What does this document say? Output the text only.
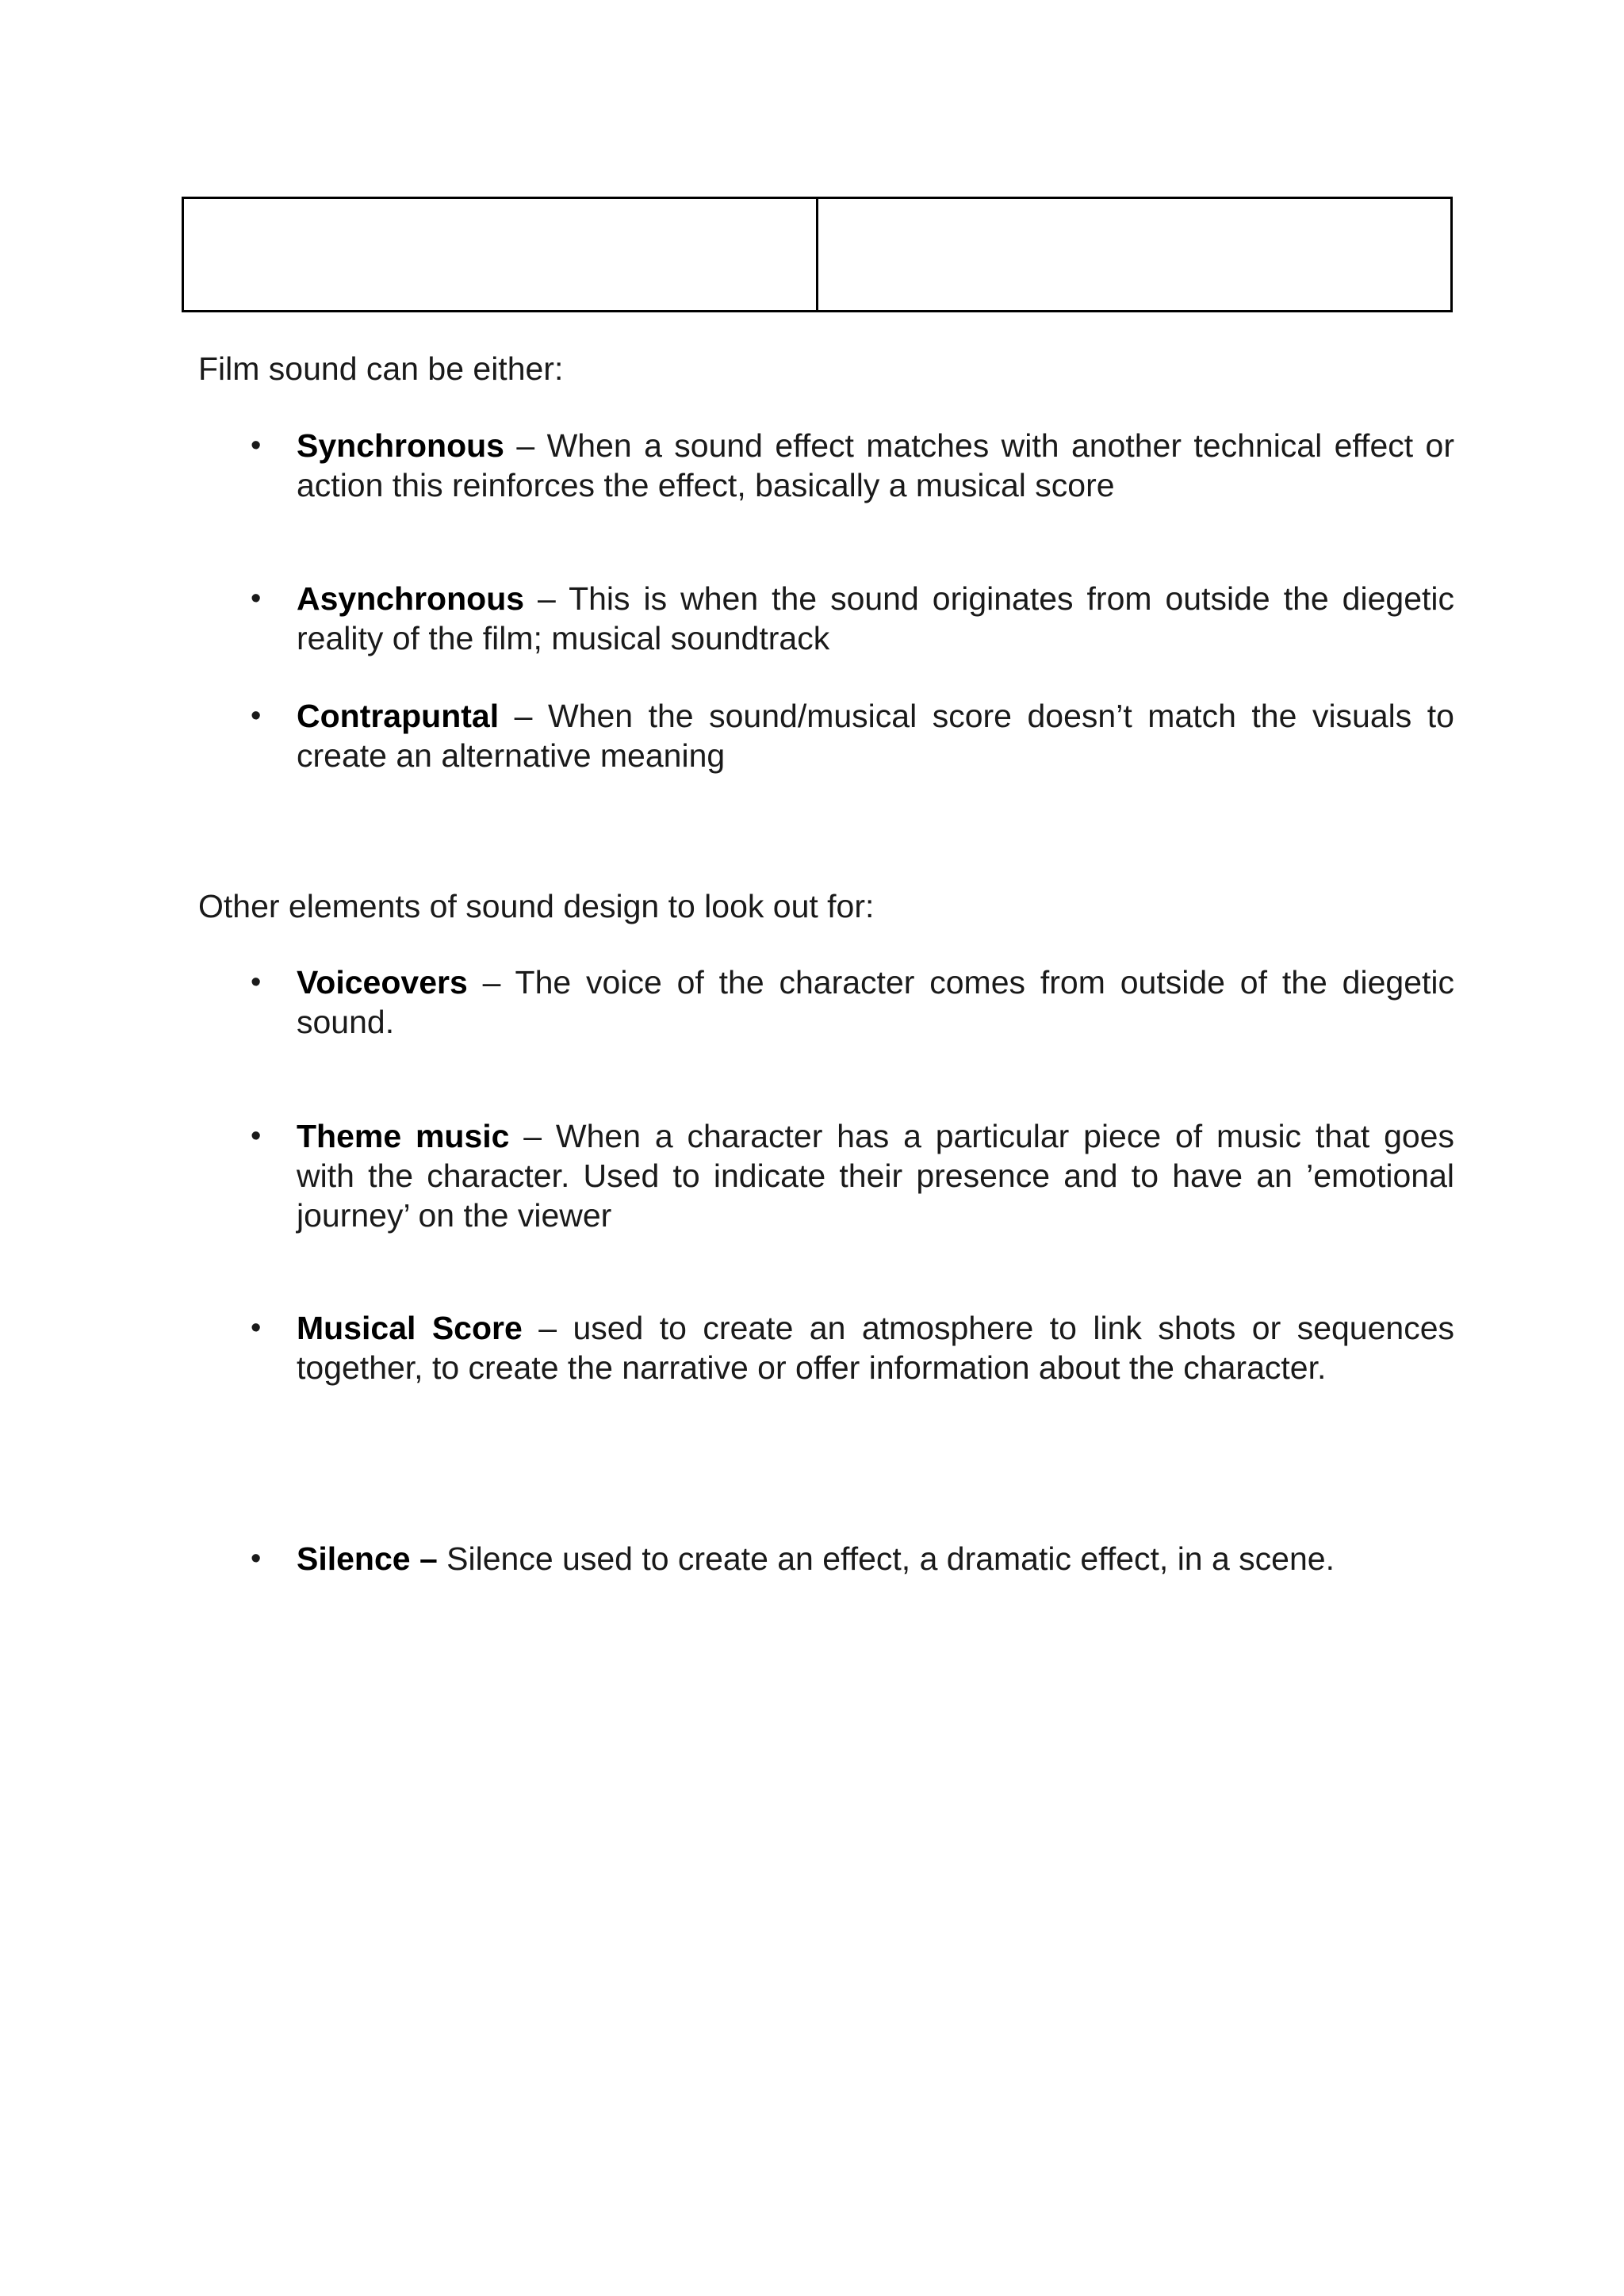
Film sound can be either:

• Synchronous – When a sound effect matches with another technical effect or action this reinforces the effect, basically a musical score
• Asynchronous – This is when the sound originates from outside the diegetic reality of the film; musical soundtrack
• Contrapuntal – When the sound/musical score doesn’t match the visuals to create an alternative meaning

Other elements of sound design to look out for:

• Voiceovers – The voice of the character comes from outside of the diegetic sound.
• Theme music – When a character has a particular piece of music that goes with the character. Used to indicate their presence and to have an ’emotional journey’ on the viewer
• Musical Score – used to create an atmosphere to link shots or sequences together, to create the narrative or offer information about the character.
• Silence – Silence used to create an effect, a dramatic effect, in a scene.
